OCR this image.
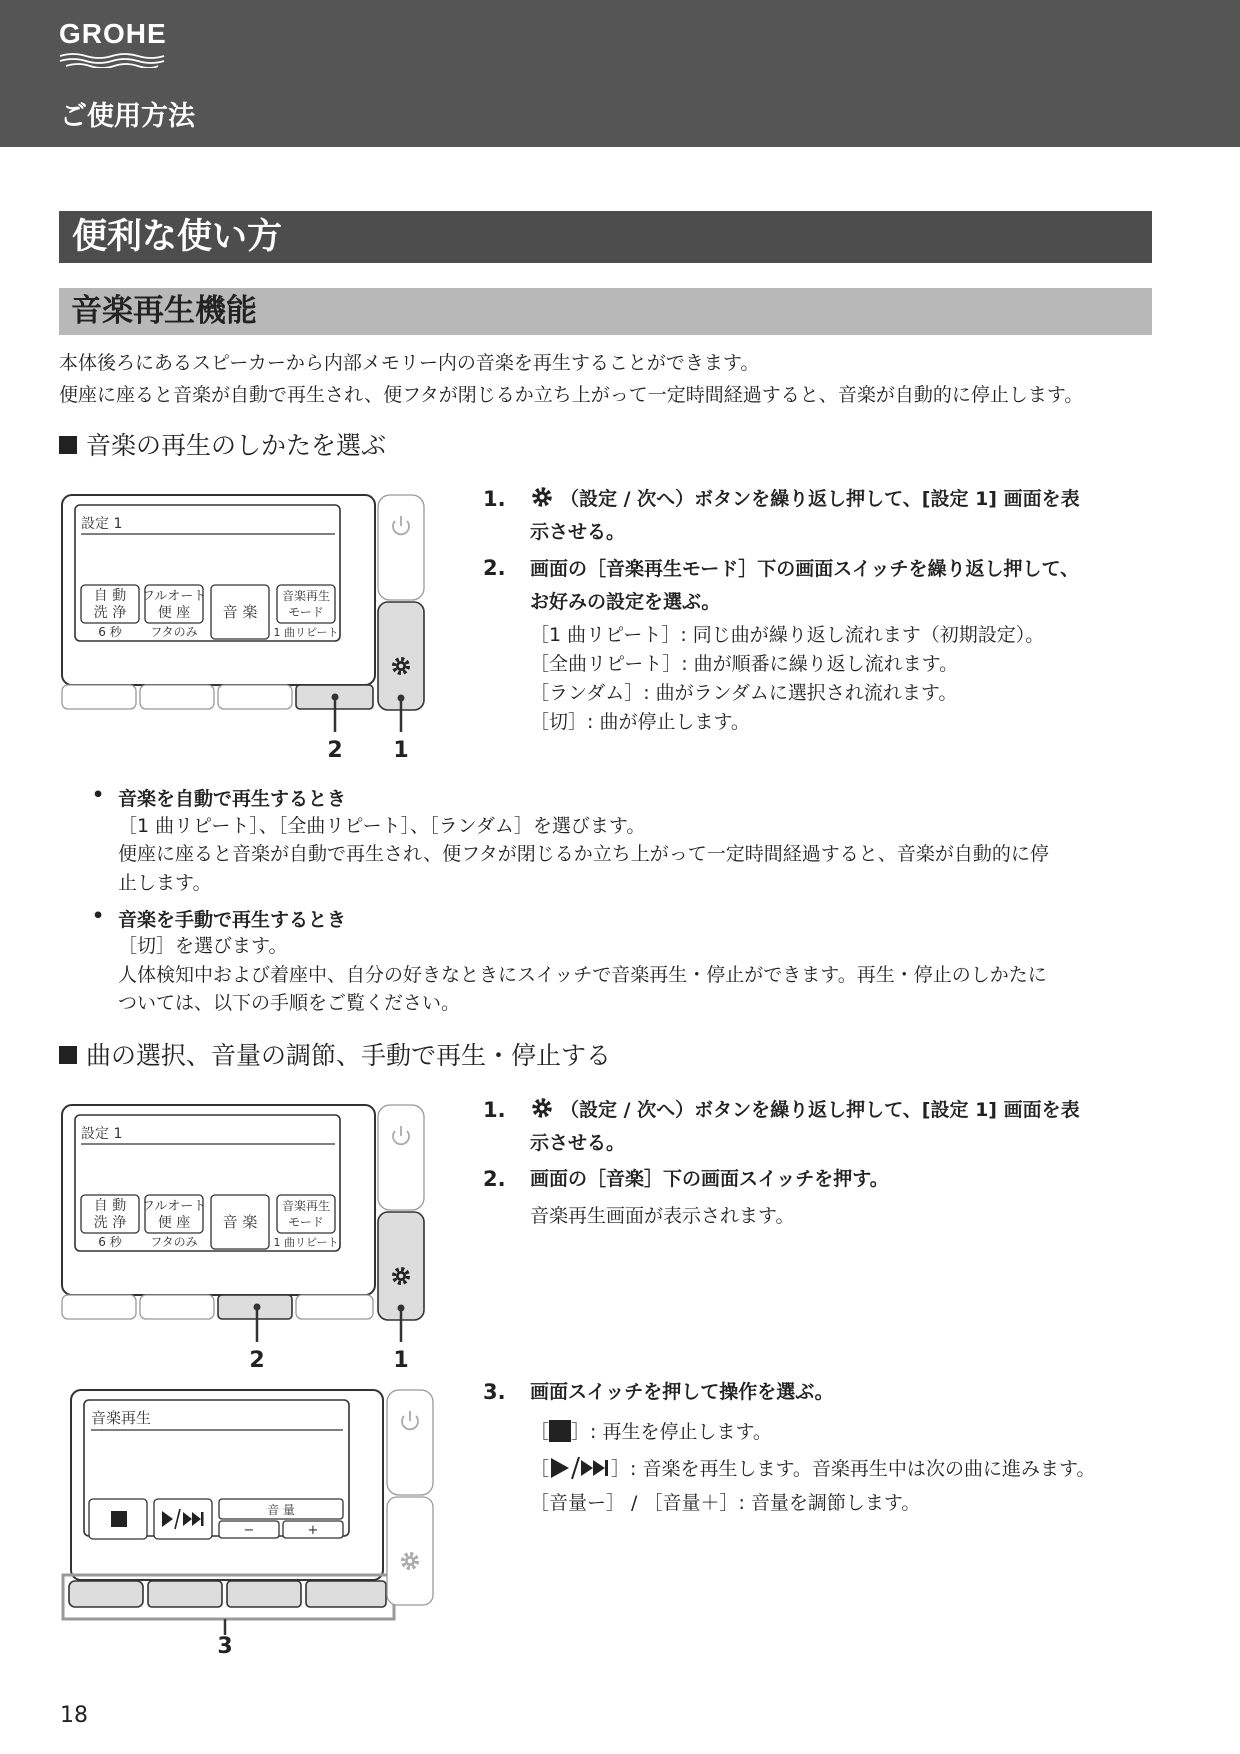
GROHE
ご使用方法
便利な使い方
音楽再生機能
本体後ろにあるスピーカーから内部メモリー内の音楽を再生することができます。
便座に座ると音楽が自動で再生され、便フタが閉じるか立ち上がって一定時間経過すると、音楽が自動的に停止します。
音楽の再生のしかたを選ぶ
設定 1
自 動
洗 浄
6 秒
フルオート
便 座
フタのみ
音 楽
音楽再生
モード
1 曲リピート
2 1
1.	（設定 / 次へ）ボタンを繰り返し押して、[設定 1] 画面を表
示させる。
2. 画面の［音楽再生モード］下の画面スイッチを繰り返し押して、
お好みの設定を選ぶ。
［1 曲リピート］: 同じ曲が繰り返し流れます（初期設定）。
［全曲リピート］: 曲が順番に繰り返し流れます。
［ランダム］: 曲がランダムに選択され流れます。
［切］: 曲が停止します。
• 音楽を自動で再生するとき
［1 曲リピート］、［全曲リピート］、［ランダム］を選びます。
便座に座ると音楽が自動で再生され、便フタが閉じるか立ち上がって一定時間経過すると、音楽が自動的に停
止します。
• 音楽を手動で再生するとき
［切］を選びます。
人体検知中および着座中、自分の好きなときにスイッチで音楽再生・停止ができます。再生・停止のしかたに
ついては、以下の手順をご覧ください。
曲の選択、音量の調節、手動で再生・停止する
設定 1
自 動
洗 浄
6 秒
フルオート
便 座
フタのみ
音 楽
音楽再生
モード
1 曲リピート
2	1
音楽再生
音 量
−	+
3
1.	（設定 / 次へ）ボタンを繰り返し押して、[設定 1] 画面を表
示させる。
2. 画面の［音楽］下の画面スイッチを押す。
音楽再生画面が表示されます。
3. 画面スイッチを押して操作を選ぶ。
［ ］: 再生を停止します。
［	］: 音楽を再生します。音楽再生中は次の曲に進みます。
［音量ー］ / ［音量＋］: 音量を調節します。
18
